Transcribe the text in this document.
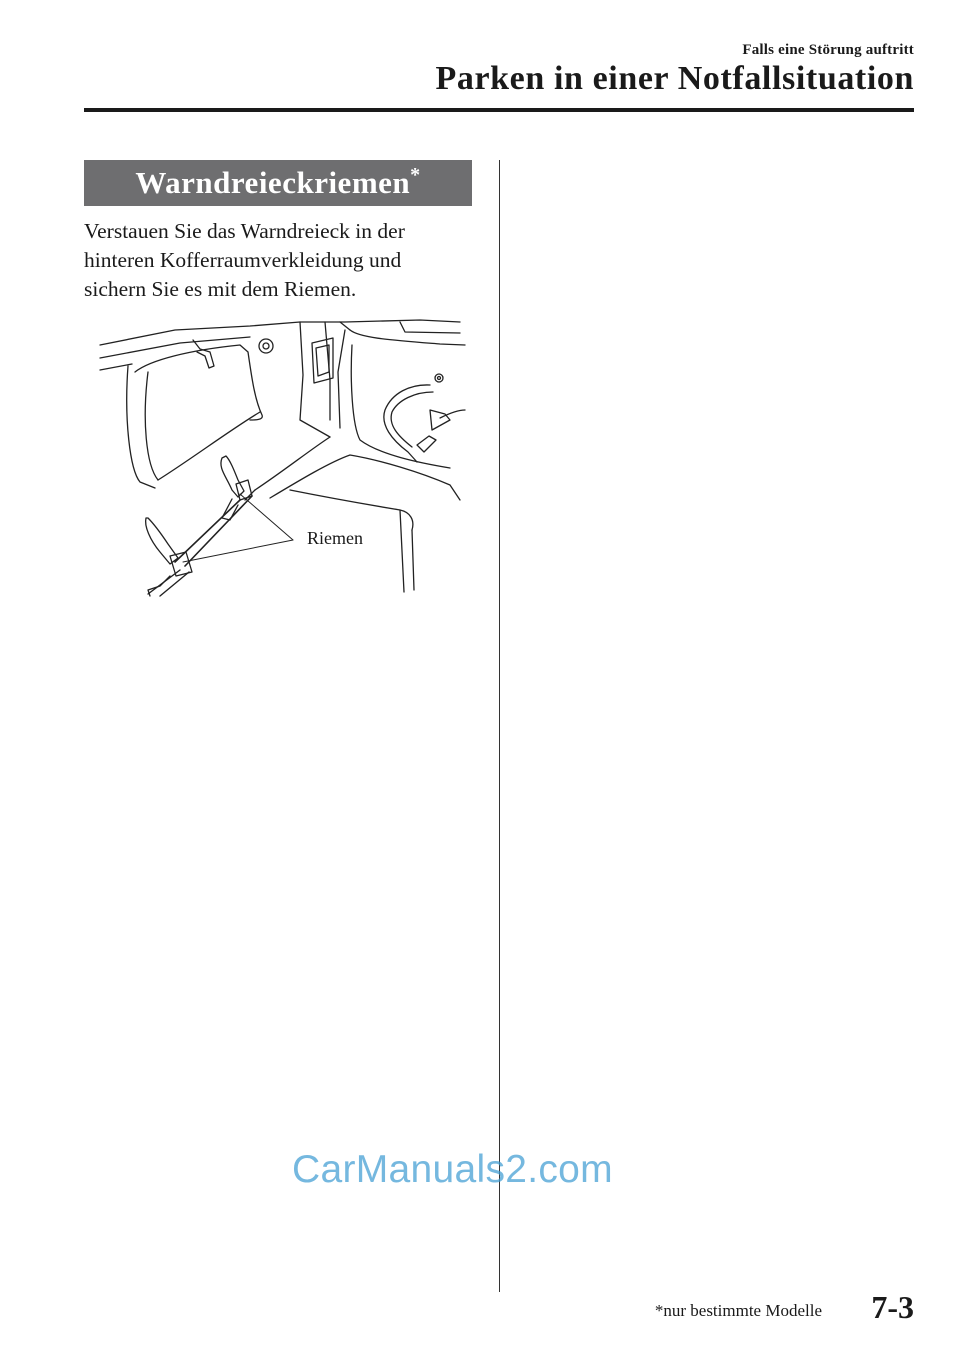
Falls eine Störung auftritt
Parken in einer Notfallsituation
Warndreieckriemen*

Verstauen Sie das Warndreieck in der

hinteren Kofferraumverkleidung und

sichern Sie es mit dem Riemen.

Riemen
CarManuals2.com
*nur bestimmte Modelle 7-3
